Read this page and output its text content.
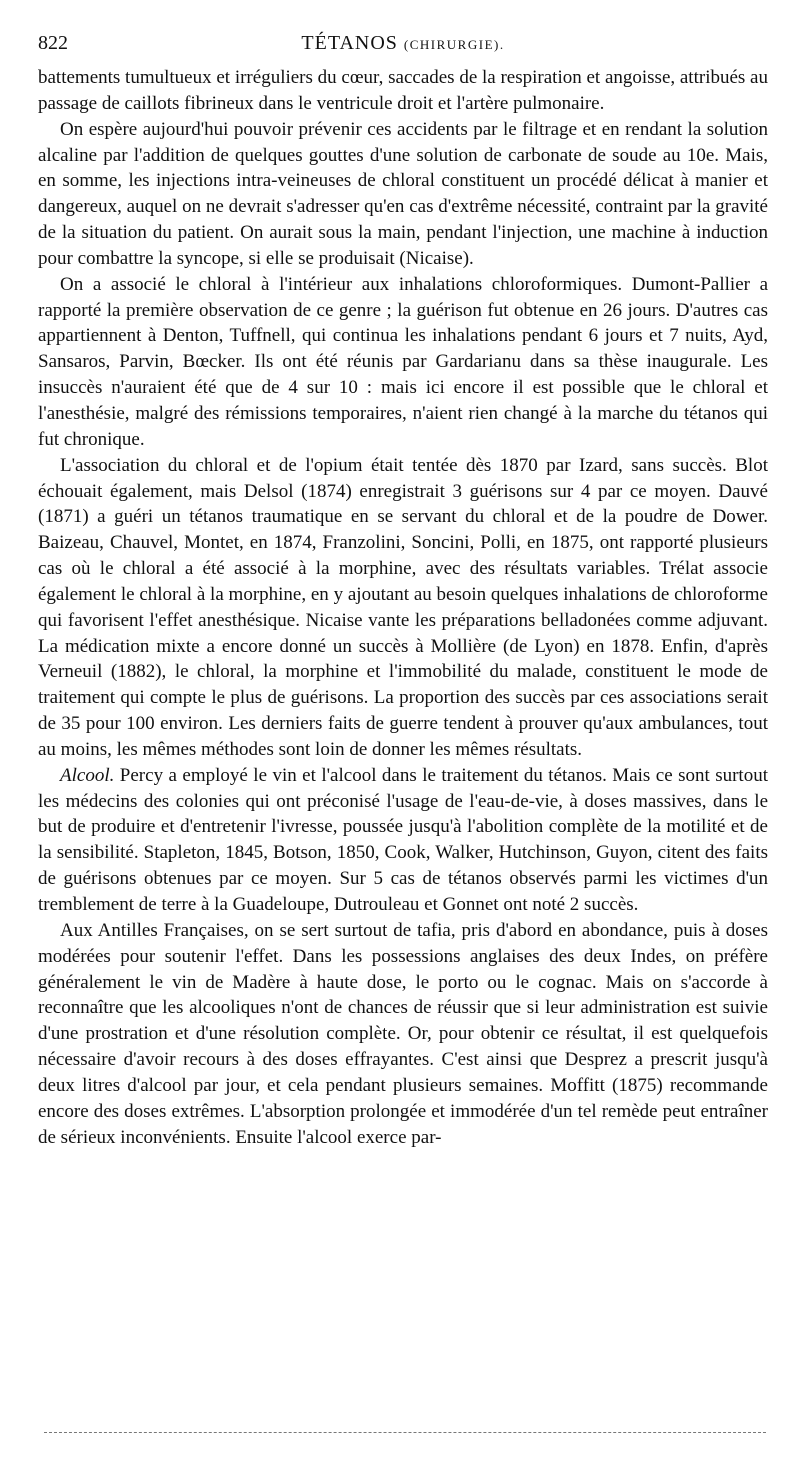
822	TÉTANOS (CHIRURGIE).

battements tumultueux et irréguliers du cœur, saccades de la respiration et angoisse, attribués au passage de caillots fibrineux dans le ventricule droit et l'artère pulmonaire.

On espère aujourd'hui pouvoir prévenir ces accidents par le filtrage et en rendant la solution alcaline par l'addition de quelques gouttes d'une solution de carbonate de soude au 10e. Mais, en somme, les injections intra-veineuses de chloral constituent un procédé délicat à manier et dangereux, auquel on ne devrait s'adresser qu'en cas d'extrême nécessité, contraint par la gravité de la situation du patient. On aurait sous la main, pendant l'injection, une machine à induction pour combattre la syncope, si elle se produisait (Nicaise).

On a associé le chloral à l'intérieur aux inhalations chloroformiques. Dumont-Pallier a rapporté la première observation de ce genre ; la guérison fut obtenue en 26 jours. D'autres cas appartiennent à Denton, Tuffnell, qui continua les inhalations pendant 6 jours et 7 nuits, Ayd, Sansaros, Parvin, Bœcker. Ils ont été réunis par Gardarianu dans sa thèse inaugurale. Les insuccès n'auraient été que de 4 sur 10 : mais ici encore il est possible que le chloral et l'anesthésie, malgré des rémissions temporaires, n'aient rien changé à la marche du tétanos qui fut chronique.

L'association du chloral et de l'opium était tentée dès 1870 par Izard, sans succès. Blot échouait également, mais Delsol (1874) enregistrait 3 guérisons sur 4 par ce moyen. Dauvé (1871) a guéri un tétanos traumatique en se servant du chloral et de la poudre de Dower. Baizeau, Chauvel, Montet, en 1874, Franzolini, Soncini, Polli, en 1875, ont rapporté plusieurs cas où le chloral a été associé à la morphine, avec des résultats variables. Trélat associe également le chloral à la morphine, en y ajoutant au besoin quelques inhalations de chloroforme qui favorisent l'effet anesthésique. Nicaise vante les préparations belladonées comme adjuvant. La médication mixte a encore donné un succès à Mollière (de Lyon) en 1878. Enfin, d'après Verneuil (1882), le chloral, la morphine et l'immobilité du malade, constituent le mode de traitement qui compte le plus de guérisons. La proportion des succès par ces associations serait de 35 pour 100 environ. Les derniers faits de guerre tendent à prouver qu'aux ambulances, tout au moins, les mêmes méthodes sont loin de donner les mêmes résultats.

Alcool. Percy a employé le vin et l'alcool dans le traitement du tétanos. Mais ce sont surtout les médecins des colonies qui ont préconisé l'usage de l'eau-de-vie, à doses massives, dans le but de produire et d'entretenir l'ivresse, poussée jusqu'à l'abolition complète de la motilité et de la sensibilité. Stapleton, 1845, Botson, 1850, Cook, Walker, Hutchinson, Guyon, citent des faits de guérisons obtenues par ce moyen. Sur 5 cas de tétanos observés parmi les victimes d'un tremblement de terre à la Guadeloupe, Dutrouleau et Gonnet ont noté 2 succès.

Aux Antilles Françaises, on se sert surtout de tafia, pris d'abord en abondance, puis à doses modérées pour soutenir l'effet. Dans les possessions anglaises des deux Indes, on préfère généralement le vin de Madère à haute dose, le porto ou le cognac. Mais on s'accorde à reconnaître que les alcooliques n'ont de chances de réussir que si leur administration est suivie d'une prostration et d'une résolution complète. Or, pour obtenir ce résultat, il est quelquefois nécessaire d'avoir recours à des doses effrayantes. C'est ainsi que Desprez a prescrit jusqu'à deux litres d'alcool par jour, et cela pendant plusieurs semaines. Moffitt (1875) recommande encore des doses extrêmes. L'absorption prolongée et immodérée d'un tel remède peut entraîner de sérieux inconvénients. Ensuite l'alcool exerce par-
